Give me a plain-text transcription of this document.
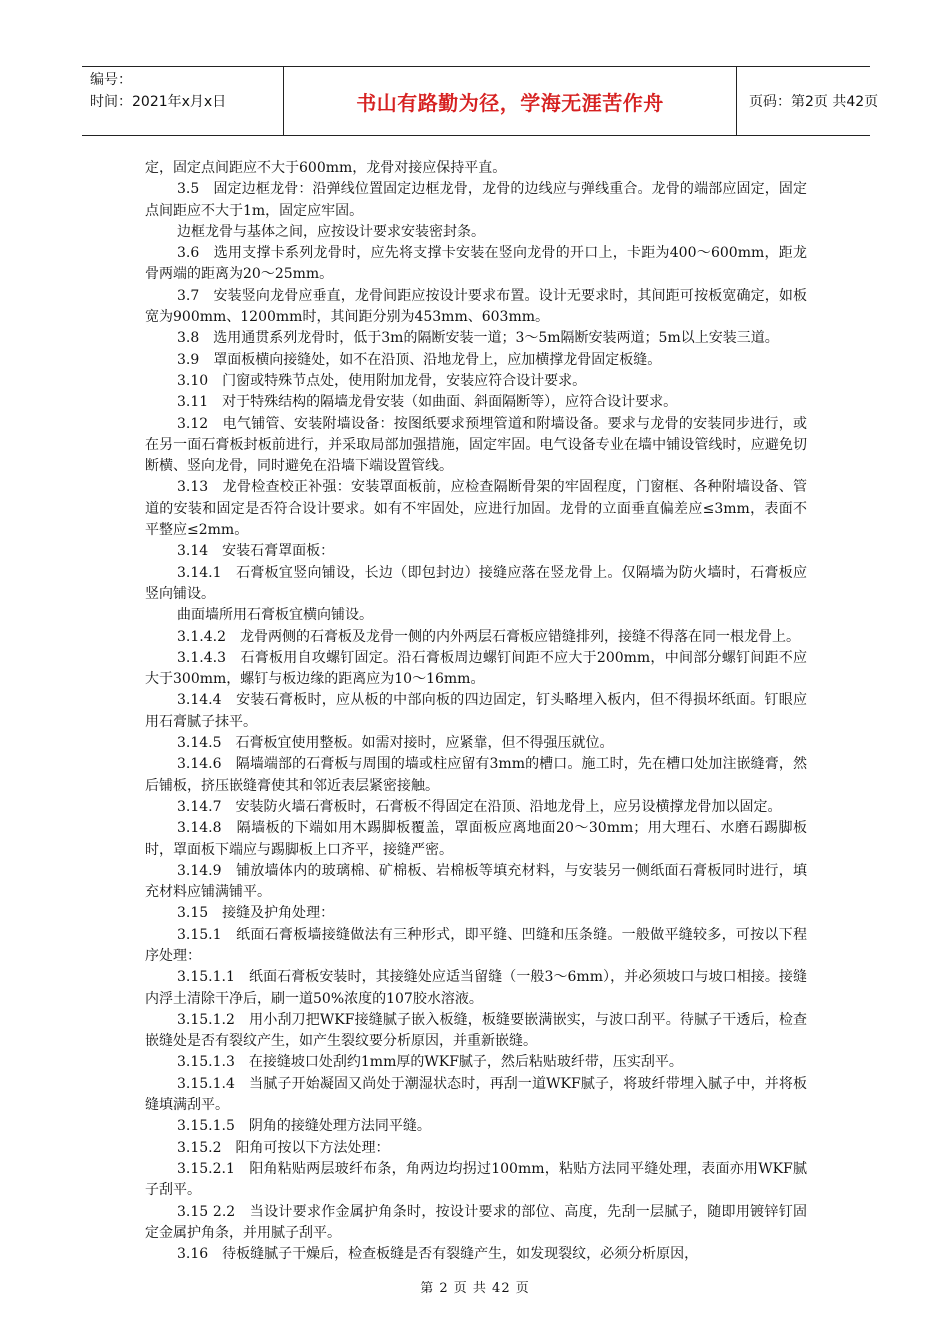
编号：
时间：2021年x月x日	书山有路勤为径，学海无涯苦作舟	页码：第2页 共42页

定，固定点间距应不大于600mm，龙骨对接应保持平直。

3.5　固定边框龙骨：沿弹线位置固定边框龙骨，龙骨的边线应与弹线重合。龙骨的端部应固定，固定点间距应不大于1m，固定应牢固。

边框龙骨与基体之间，应按设计要求安装密封条。

3.6　选用支撑卡系列龙骨时，应先将支撑卡安装在竖向龙骨的开口上，卡距为400～600mm，距龙骨两端的距离为20～25mm。

3.7　安装竖向龙骨应垂直，龙骨间距应按设计要求布置。设计无要求时，其间距可按板宽确定，如板宽为900mm、1200mm时，其间距分别为453mm、603mm。

3.8　选用通贯系列龙骨时，低于3m的隔断安装一道；3～5m隔断安装两道；5m以上安装三道。

3.9　罩面板横向接缝处，如不在沿顶、沿地龙骨上，应加横撑龙骨固定板缝。

3.10　门窗或特殊节点处，使用附加龙骨，安装应符合设计要求。

3.11　对于特殊结构的隔墙龙骨安装（如曲面、斜面隔断等），应符合设计要求。

3.12　电气铺管、安装附墙设备：按图纸要求预埋管道和附墙设备。要求与龙骨的安装同步进行，或在另一面石膏板封板前进行，并采取局部加强措施，固定牢固。电气设备专业在墙中铺设管线时，应避免切断横、竖向龙骨，同时避免在沿墙下端设置管线。

3.13　龙骨检查校正补强：安装罩面板前，应检查隔断骨架的牢固程度，门窗框、各种附墙设备、管道的安装和固定是否符合设计要求。如有不牢固处，应进行加固。龙骨的立面垂直偏差应≤3mm，表面不平整应≤2mm。

3.14　安装石膏罩面板：

3.14.1　石膏板宜竖向铺设，长边（即包封边）接缝应落在竖龙骨上。仅隔墙为防火墙时，石膏板应竖向铺设。

曲面墙所用石膏板宜横向铺设。

3.1.4.2　龙骨两侧的石膏板及龙骨一侧的内外两层石膏板应错缝排列，接缝不得落在同一根龙骨上。

3.1.4.3　石膏板用自攻螺钉固定。沿石膏板周边螺钉间距不应大于200mm，中间部分螺钉间距不应大于300mm，螺钉与板边缘的距离应为10～16mm。

3.14.4　安装石膏板时，应从板的中部向板的四边固定，钉头略埋入板内，但不得损坏纸面。钉眼应用石膏腻子抹平。

3.14.5　石膏板宜使用整板。如需对接时，应紧靠，但不得强压就位。

3.14.6　隔墙端部的石膏板与周围的墙或柱应留有3mm的槽口。施工时，先在槽口处加注嵌缝膏，然后铺板，挤压嵌缝膏使其和邻近表层紧密接触。

3.14.7　安装防火墙石膏板时，石膏板不得固定在沿顶、沿地龙骨上，应另设横撑龙骨加以固定。

3.14.8　隔墙板的下端如用木踢脚板覆盖，罩面板应离地面20～30mm；用大理石、水磨石踢脚板时，罩面板下端应与踢脚板上口齐平，接缝严密。

3.14.9　铺放墙体内的玻璃棉、矿棉板、岩棉板等填充材料，与安装另一侧纸面石膏板同时进行，填充材料应铺满铺平。

3.15　接缝及护角处理：

3.15.1　纸面石膏板墙接缝做法有三种形式，即平缝、凹缝和压条缝。一般做平缝较多，可按以下程序处理：

3.15.1.1　纸面石膏板安装时，其接缝处应适当留缝（一般3～6mm），并必须坡口与坡口相接。接缝内浮土清除干净后，刷一道50%浓度的107胶水溶液。

3.15.1.2　用小刮刀把WKF接缝腻子嵌入板缝，板缝要嵌满嵌实，与波口刮平。待腻子干透后，检查嵌缝处是否有裂纹产生，如产生裂纹要分析原因，并重新嵌缝。

3.15.1.3　在接缝坡口处刮约1mm厚的WKF腻子，然后粘贴玻纤带，压实刮平。

3.15.1.4　当腻子开始凝固又尚处于潮湿状态时，再刮一道WKF腻子，将玻纤带埋入腻子中，并将板缝填满刮平。

3.15.1.5　阴角的接缝处理方法同平缝。

3.15.2　阳角可按以下方法处理：

3.15.2.1　阳角粘贴两层玻纤布条，角两边均拐过100mm，粘贴方法同平缝处理，表面亦用WKF腻子刮平。

3.15 2.2　当设计要求作金属护角条时，按设计要求的部位、高度，先刮一层腻子，随即用镀锌钉固定金属护角条，并用腻子刮平。

3.16　待板缝腻子干燥后，检查板缝是否有裂缝产生，如发现裂纹，必须分析原因，

第 2 页 共 42 页
